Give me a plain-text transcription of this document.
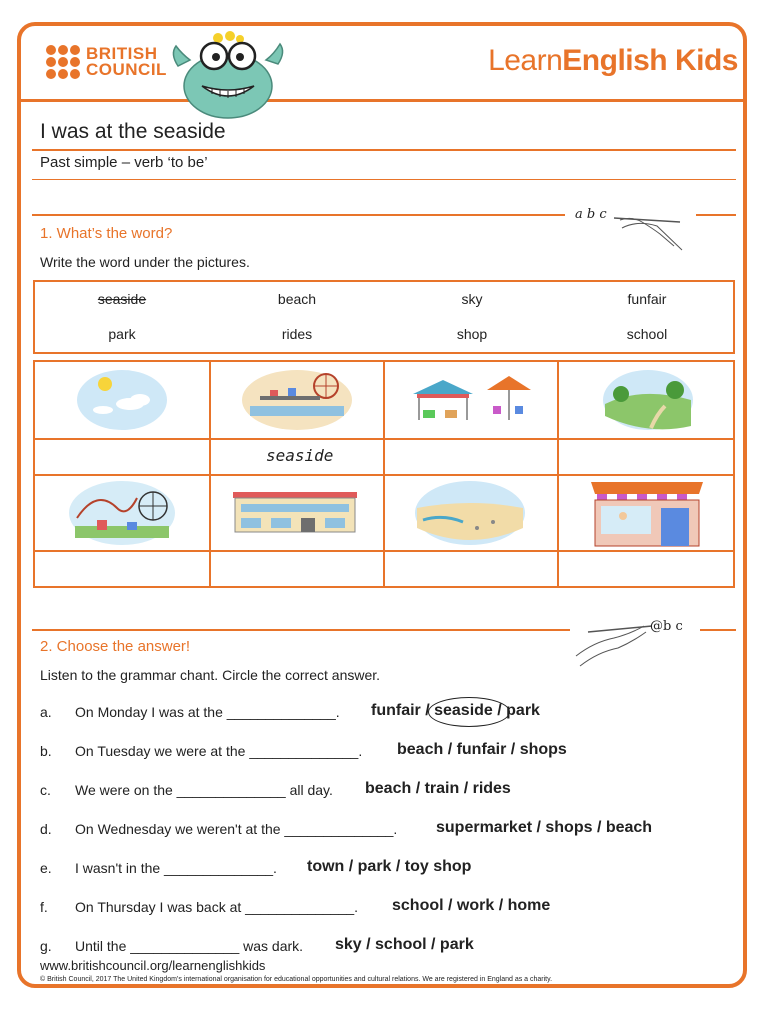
BRITISH
COUNCIL	LearnEnglish Kids
I was at the seaside
Past simple – verb ‘to be’
a b c
1. What’s the word?
Write the word under the pictures.
seaside	beach	sky	funfair
park	rides	shop	school
seaside
@b c
2. Choose the answer!
Listen to the grammar chant. Circle the correct answer.
a. On Monday I was at the ______________. funfair / seaside / park
b. On Tuesday we were at the ______________. beach / funfair / shops
c. We were on the ______________ all day. beach / train / rides
d. On Wednesday we weren't at the ______________. supermarket / shops / beach
e. I wasn't in the ______________. town / park / toy shop
f. On Thursday I was back at ______________. school / work / home
g. Until the ______________ was dark. sky / school / park
www.britishcouncil.org/learnenglishkids
© British Council, 2017 The United Kingdom’s international organisation for educational opportunities and cultural relations. We are registered in England as a charity.
